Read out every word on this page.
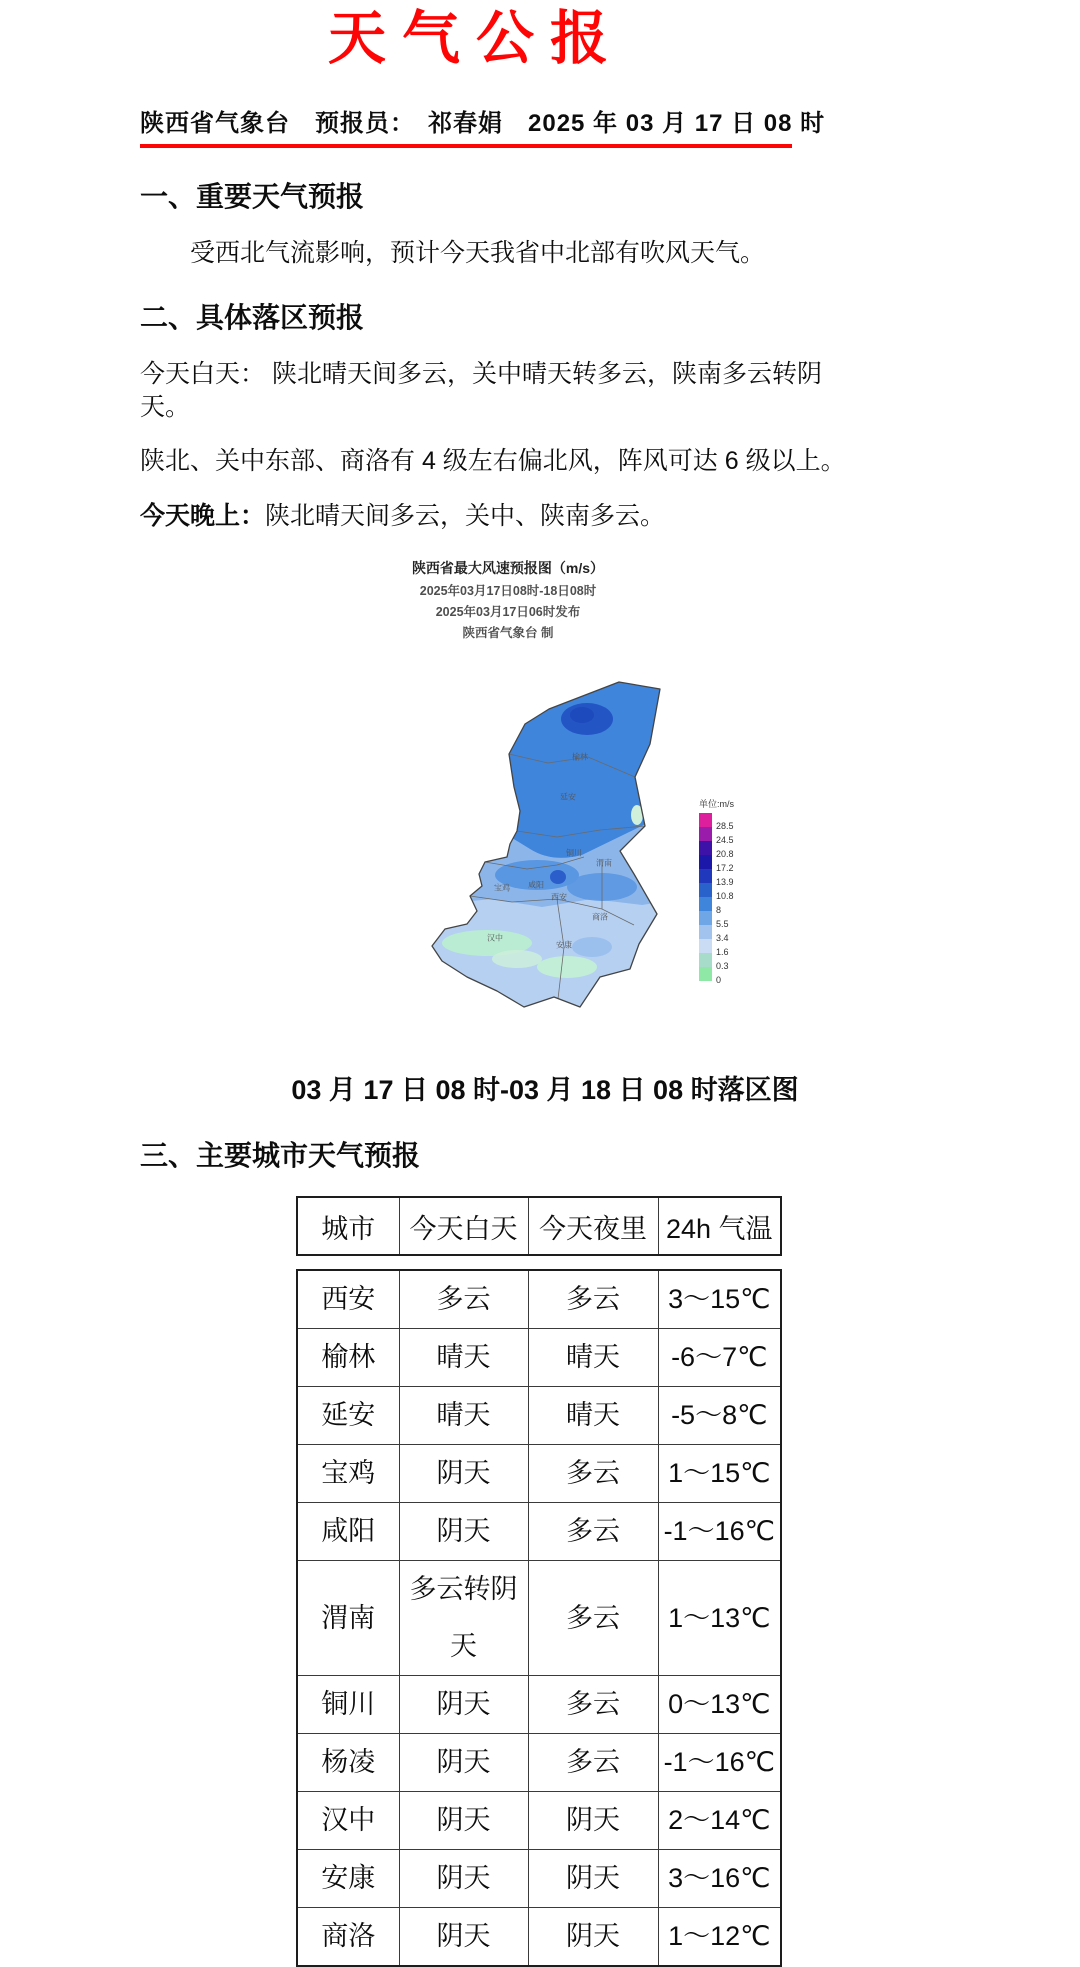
天气公报
陕西省气象台　预报员：　祁春娟　2025 年 03 月 17 日 08 时
一、重要天气预报
受西北气流影响，预计今天我省中北部有吹风天气。
二、具体落区预报
今天白天： 陕北晴天间多云，关中晴天转多云，陕南多云转阴天。
陕北、关中东部、商洛有 4 级左右偏北风，阵风可达 6 级以上。
今天晚上：陕北晴天间多云，关中、陕南多云。
陕西省最大风速预报图（m/s）
2025年03月17日08时-18日08时
2025年03月17日06时发布
陕西省气象台 制
单位:m/s
28.5
24.5
20.8
17.2
13.9
10.8
8
5.5
3.4
1.6
0.3
0
榆林
延安
铜川
渭南
宝鸡 咸阳
西安
商洛
汉中
安康
03 月 17 日 08 时-03 月 18 日 08 时落区图
三、主要城市天气预报
城市	今天白天	今天夜里	24h 气温
西安	多云	多云	3～15℃
榆林	晴天	晴天	-6～7℃
延安	晴天	晴天	-5～8℃
宝鸡	阴天	多云	1～15℃
咸阳	阴天	多云	-1～16℃
渭南	多云转阴天	多云	1～13℃
铜川	阴天	多云	0～13℃
杨凌	阴天	多云	-1～16℃
汉中	阴天	阴天	2～14℃
安康	阴天	阴天	3～16℃
商洛	阴天	阴天	1～12℃
